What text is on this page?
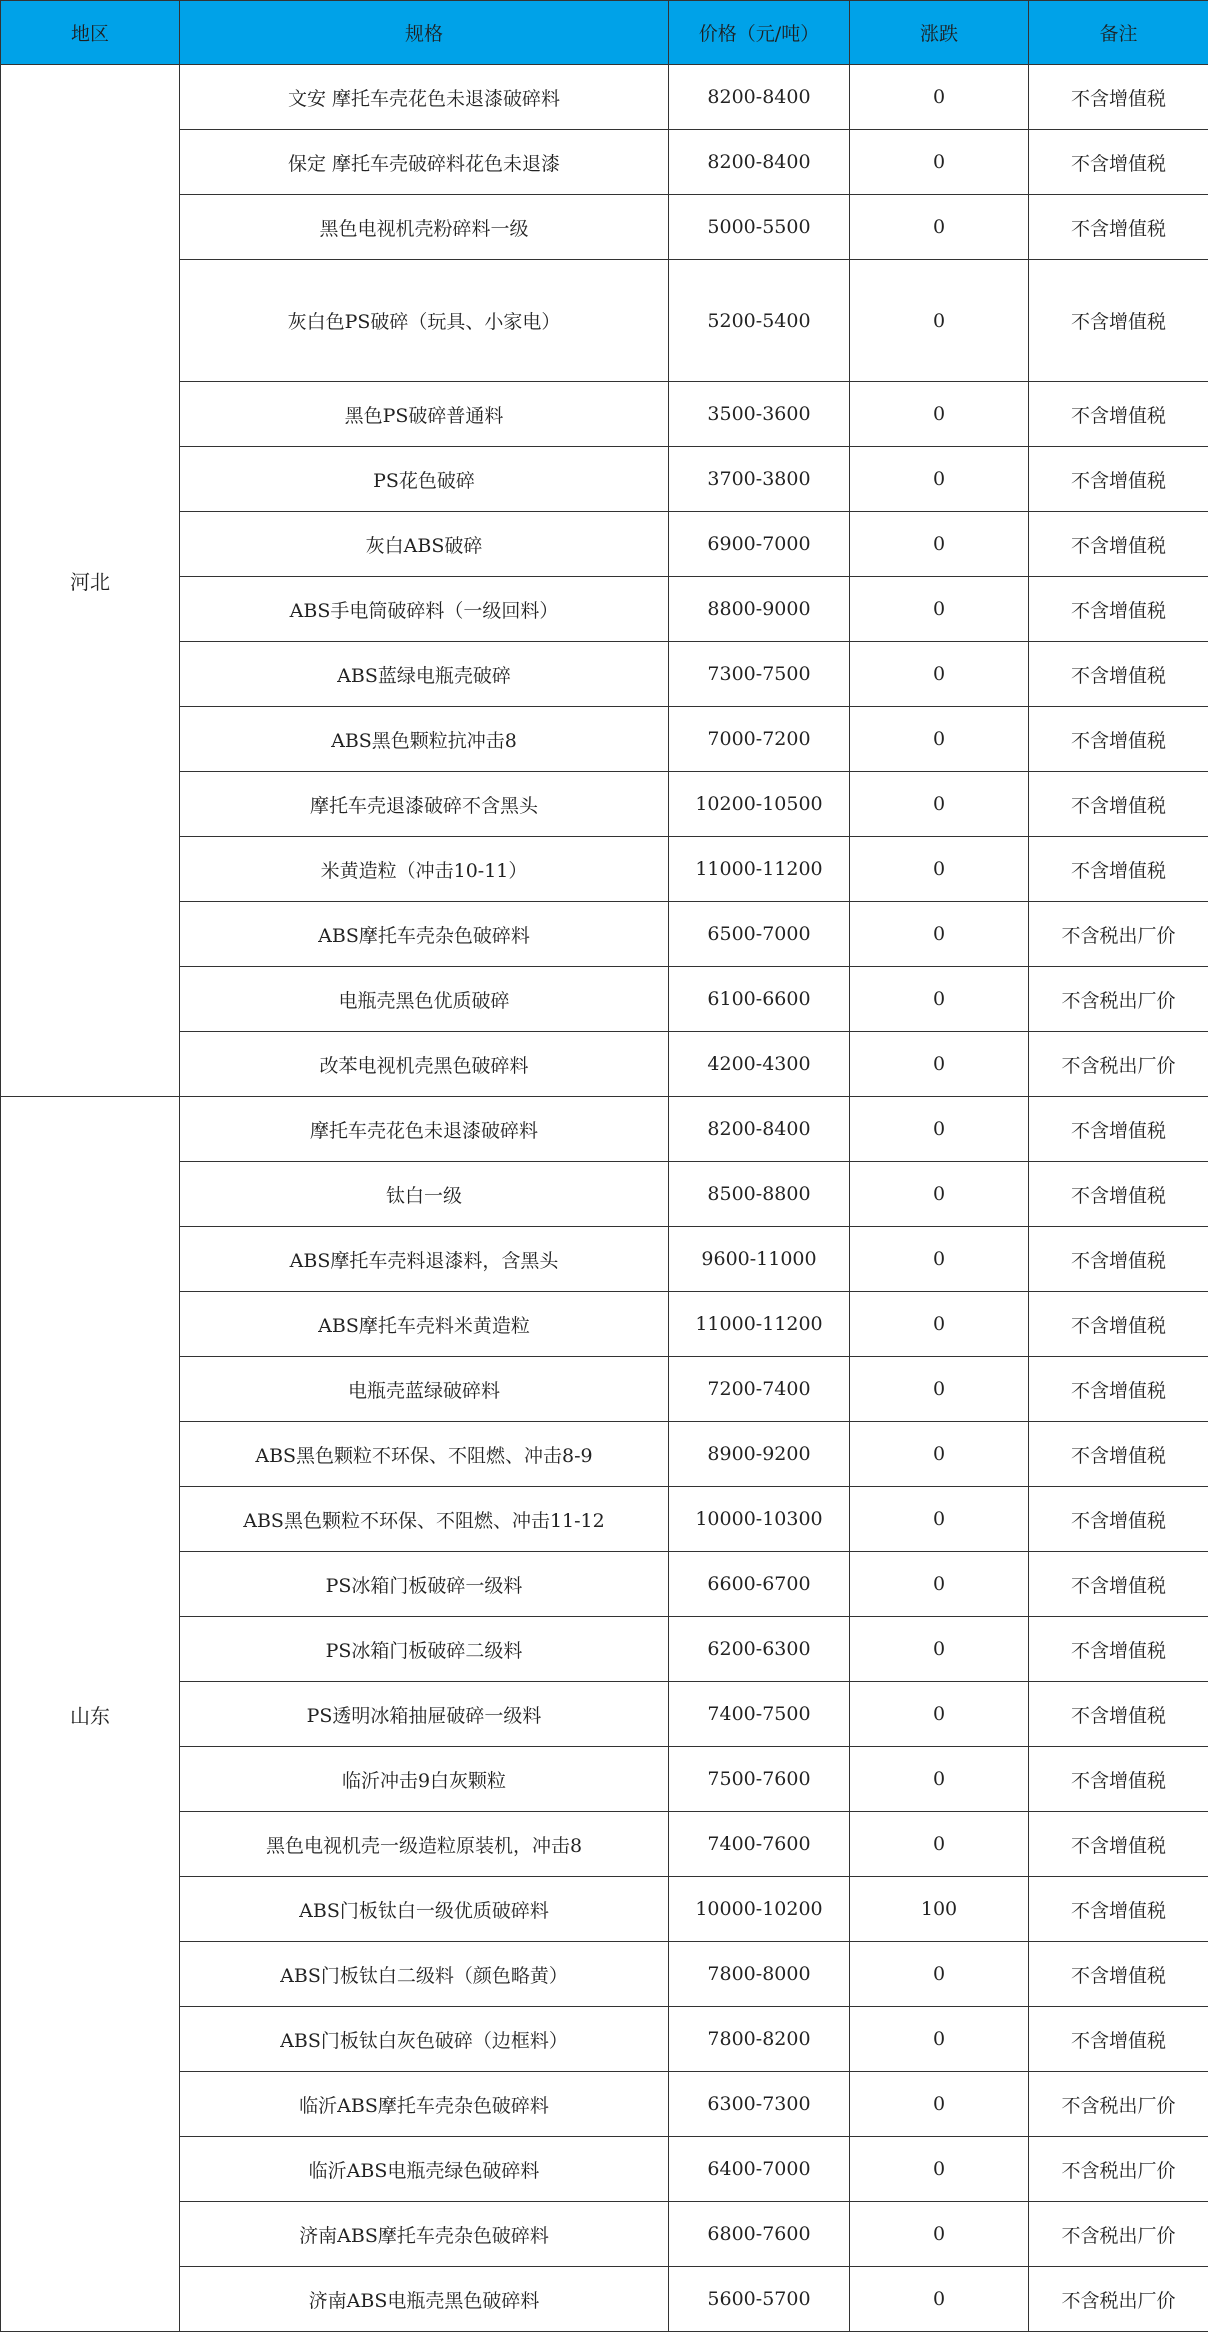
地区	规格	价格（元/吨）	涨跌	备注
河北	文安 摩托车壳花色未退漆破碎料	8200-8400	0	不含增值税
	保定 摩托车壳破碎料花色未退漆	8200-8400	0	不含增值税
	黑色电视机壳粉碎料一级	5000-5500	0	不含增值税
	灰白色PS破碎（玩具、小家电）	5200-5400	0	不含增值税
	黑色PS破碎普通料	3500-3600	0	不含增值税
	PS花色破碎	3700-3800	0	不含增值税
	灰白ABS破碎	6900-7000	0	不含增值税
	ABS手电筒破碎料（一级回料）	8800-9000	0	不含增值税
	ABS蓝绿电瓶壳破碎	7300-7500	0	不含增值税
	ABS黑色颗粒抗冲击8	7000-7200	0	不含增值税
	摩托车壳退漆破碎不含黑头	10200-10500	0	不含增值税
	米黄造粒（冲击10-11）	11000-11200	0	不含增值税
	ABS摩托车壳杂色破碎料	6500-7000	0	不含税出厂价
	电瓶壳黑色优质破碎	6100-6600	0	不含税出厂价
	改苯电视机壳黑色破碎料	4200-4300	0	不含税出厂价
山东	摩托车壳花色未退漆破碎料	8200-8400	0	不含增值税
	钛白一级	8500-8800	0	不含增值税
	ABS摩托车壳料退漆料，含黑头	9600-11000	0	不含增值税
	ABS摩托车壳料米黄造粒	11000-11200	0	不含增值税
	电瓶壳蓝绿破碎料	7200-7400	0	不含增值税
	ABS黑色颗粒不环保、不阻燃、冲击8-9	8900-9200	0	不含增值税
	ABS黑色颗粒不环保、不阻燃、冲击11-12	10000-10300	0	不含增值税
	PS冰箱门板破碎一级料	6600-6700	0	不含增值税
	PS冰箱门板破碎二级料	6200-6300	0	不含增值税
	PS透明冰箱抽屉破碎一级料	7400-7500	0	不含增值税
	临沂冲击9白灰颗粒	7500-7600	0	不含增值税
	黑色电视机壳一级造粒原装机，冲击8	7400-7600	0	不含增值税
	ABS门板钛白一级优质破碎料	10000-10200	100	不含增值税
	ABS门板钛白二级料（颜色略黄）	7800-8000	0	不含增值税
	ABS门板钛白灰色破碎（边框料）	7800-8200	0	不含增值税
	临沂ABS摩托车壳杂色破碎料	6300-7300	0	不含税出厂价
	临沂ABS电瓶壳绿色破碎料	6400-7000	0	不含税出厂价
	济南ABS摩托车壳杂色破碎料	6800-7600	0	不含税出厂价
	济南ABS电瓶壳黑色破碎料	5600-5700	0	不含税出厂价
